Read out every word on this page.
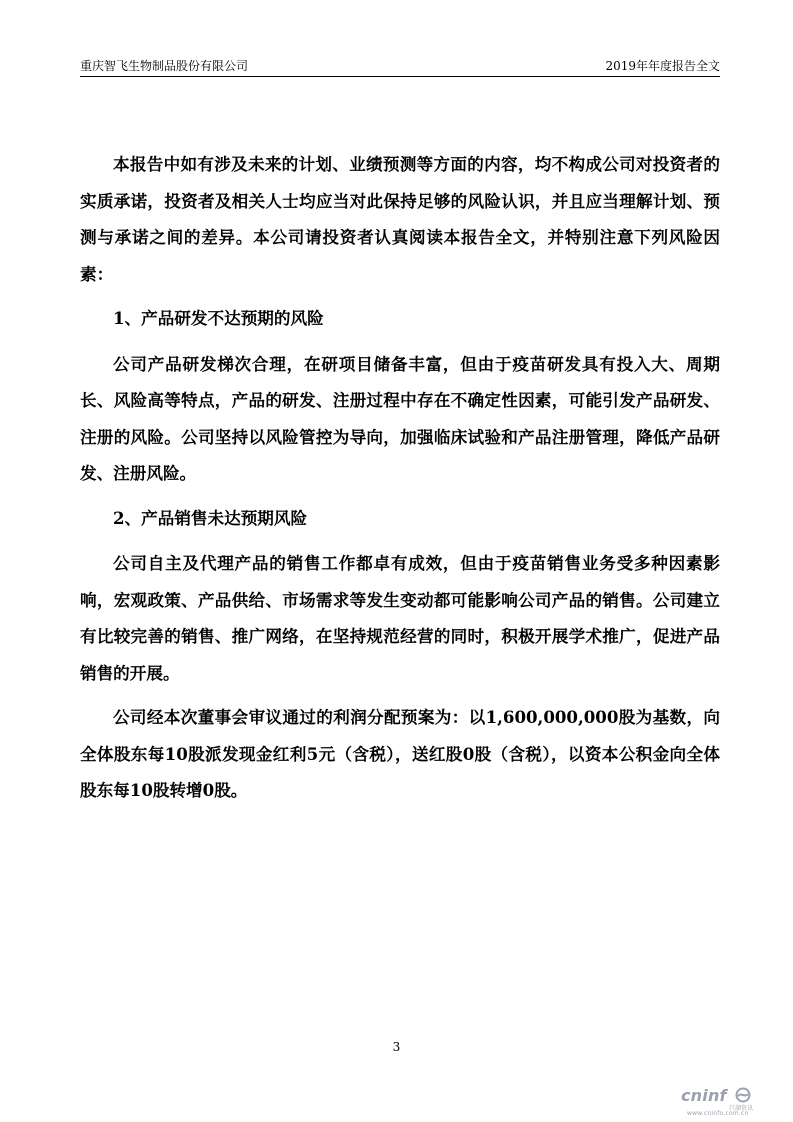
重庆智飞生物制品股份有限公司	2019年年度报告全文

本报告中如有涉及未来的计划、业绩预测等方面的内容，均不构成公司对投资者的实质承诺，投资者及相关人士均应当对此保持足够的风险认识，并且应当理解计划、预测与承诺之间的差异。本公司请投资者认真阅读本报告全文，并特别注意下列风险因素：

1、产品研发不达预期的风险

公司产品研发梯次合理，在研项目储备丰富，但由于疫苗研发具有投入大、周期长、风险高等特点，产品的研发、注册过程中存在不确定性因素，可能引发产品研发、注册的风险。公司坚持以风险管控为导向，加强临床试验和产品注册管理，降低产品研发、注册风险。

2、产品销售未达预期风险

公司自主及代理产品的销售工作都卓有成效，但由于疫苗销售业务受多种因素影响，宏观政策、产品供给、市场需求等发生变动都可能影响公司产品的销售。公司建立有比较完善的销售、推广网络，在坚持规范经营的同时，积极开展学术推广，促进产品销售的开展。

公司经本次董事会审议通过的利润分配预案为：以1,600,000,000股为基数，向全体股东每10股派发现金红利5元（含税），送红股0股（含税），以资本公积金向全体股东每10股转增0股。

3
cninf
巨潮资讯
www.cninfo.com.cn
